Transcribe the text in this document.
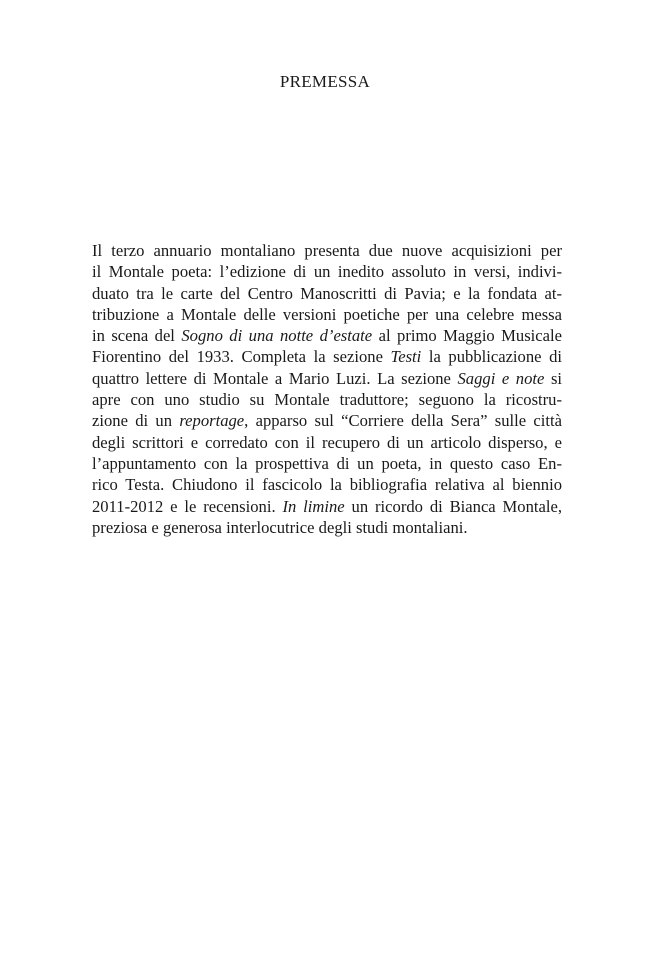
PREMESSA
Il terzo annuario montaliano presenta due nuove acquisizioni per
il Montale poeta: l’edizione di un inedito assoluto in versi, indivi-
duato tra le carte del Centro Manoscritti di Pavia; e la fondata at-
tribuzione a Montale delle versioni poetiche per una celebre messa
in scena del Sogno di una notte d’estate al primo Maggio Musicale
Fiorentino del 1933. Completa la sezione Testi la pubblicazione di
quattro lettere di Montale a Mario Luzi. La sezione Saggi e note si
apre con uno studio su Montale traduttore; seguono la ricostru-
zione di un reportage, apparso sul “Corriere della Sera” sulle città
degli scrittori e corredato con il recupero di un articolo disperso, e
l’appuntamento con la prospettiva di un poeta, in questo caso En-
rico Testa. Chiudono il fascicolo la bibliografia relativa al biennio
2011-2012 e le recensioni. In limine un ricordo di Bianca Montale,
preziosa e generosa interlocutrice degli studi montaliani.
